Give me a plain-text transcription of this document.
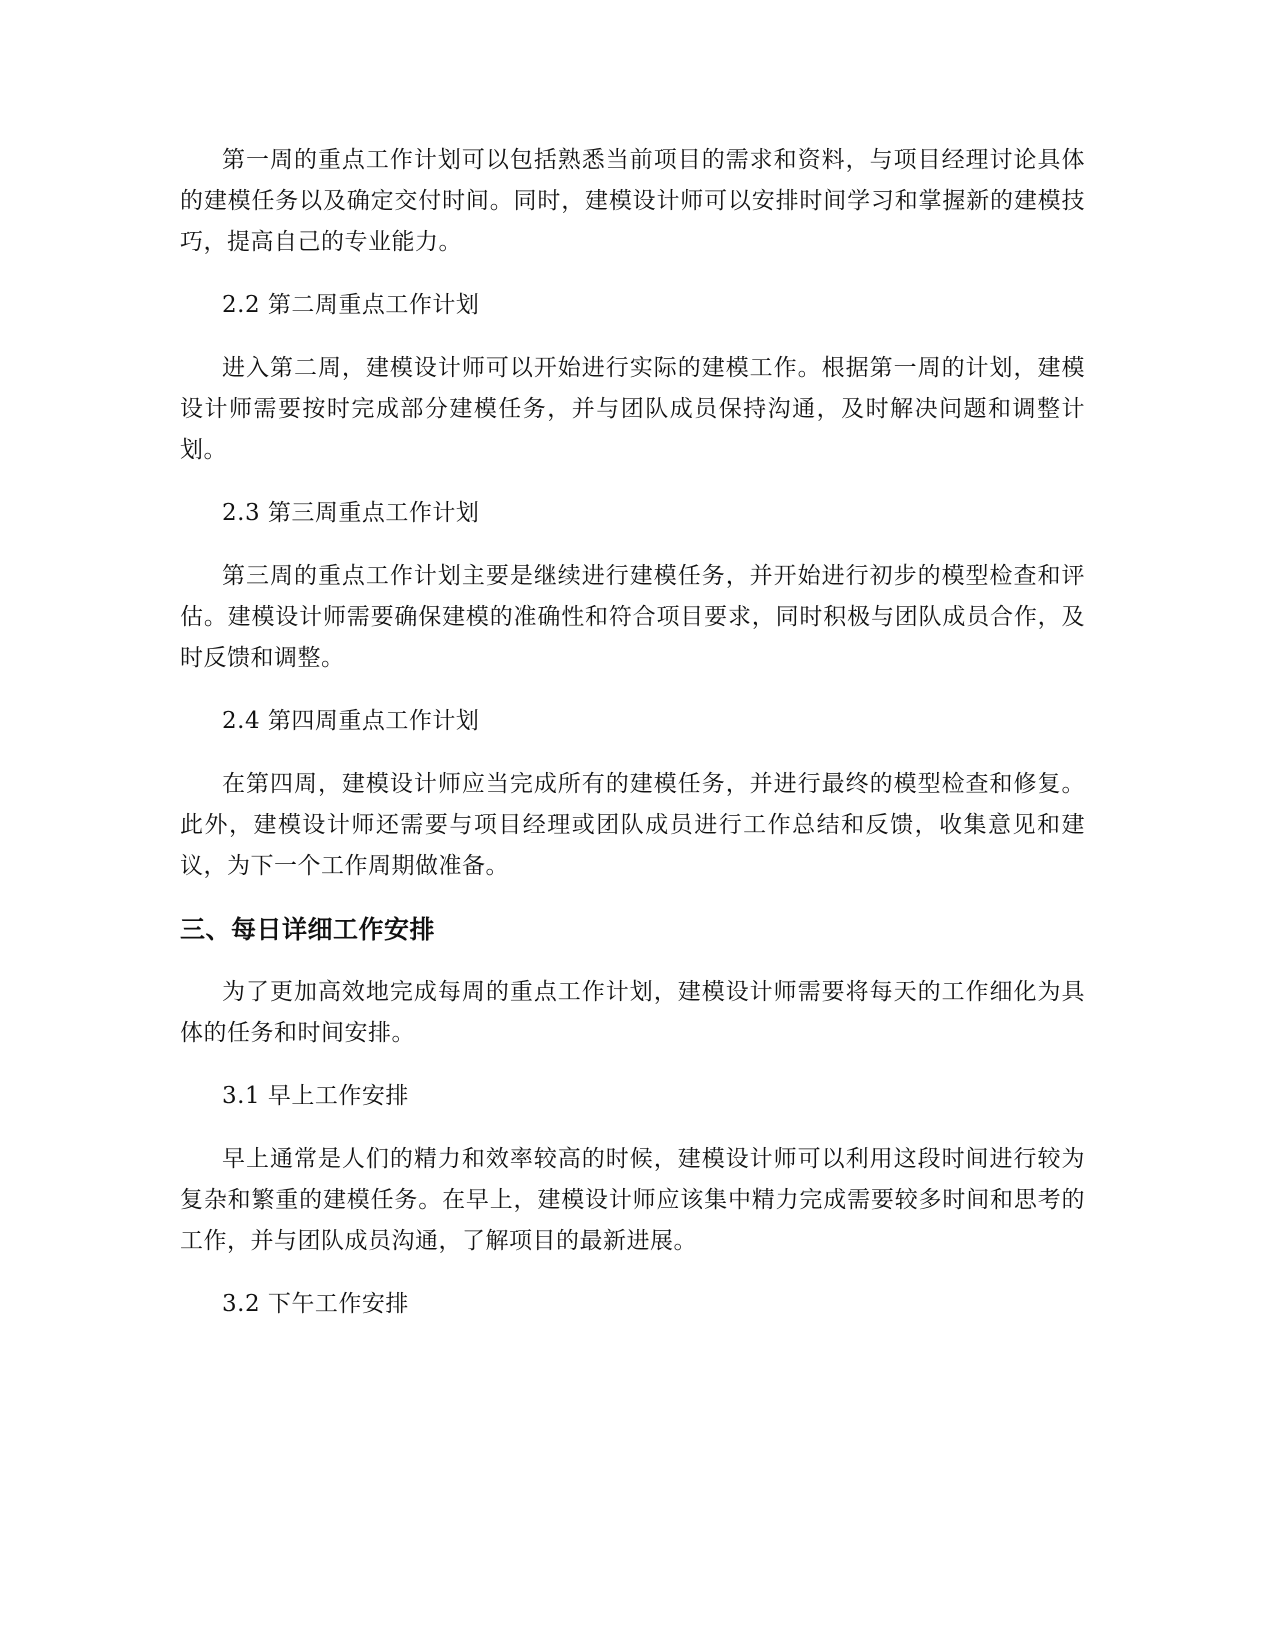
第一周的重点工作计划可以包括熟悉当前项目的需求和资料，与项目经理讨论具体的建模任务以及确定交付时间。同时，建模设计师可以安排时间学习和掌握新的建模技巧，提高自己的专业能力。

2.2 第二周重点工作计划

进入第二周，建模设计师可以开始进行实际的建模工作。根据第一周的计划，建模设计师需要按时完成部分建模任务，并与团队成员保持沟通，及时解决问题和调整计划。

2.3 第三周重点工作计划

第三周的重点工作计划主要是继续进行建模任务，并开始进行初步的模型检查和评估。建模设计师需要确保建模的准确性和符合项目要求，同时积极与团队成员合作，及时反馈和调整。

2.4 第四周重点工作计划

在第四周，建模设计师应当完成所有的建模任务，并进行最终的模型检查和修复。此外，建模设计师还需要与项目经理或团队成员进行工作总结和反馈，收集意见和建议，为下一个工作周期做准备。

三、每日详细工作安排

为了更加高效地完成每周的重点工作计划，建模设计师需要将每天的工作细化为具体的任务和时间安排。

3.1 早上工作安排

早上通常是人们的精力和效率较高的时候，建模设计师可以利用这段时间进行较为复杂和繁重的建模任务。在早上，建模设计师应该集中精力完成需要较多时间和思考的工作，并与团队成员沟通，了解项目的最新进展。

3.2 下午工作安排
